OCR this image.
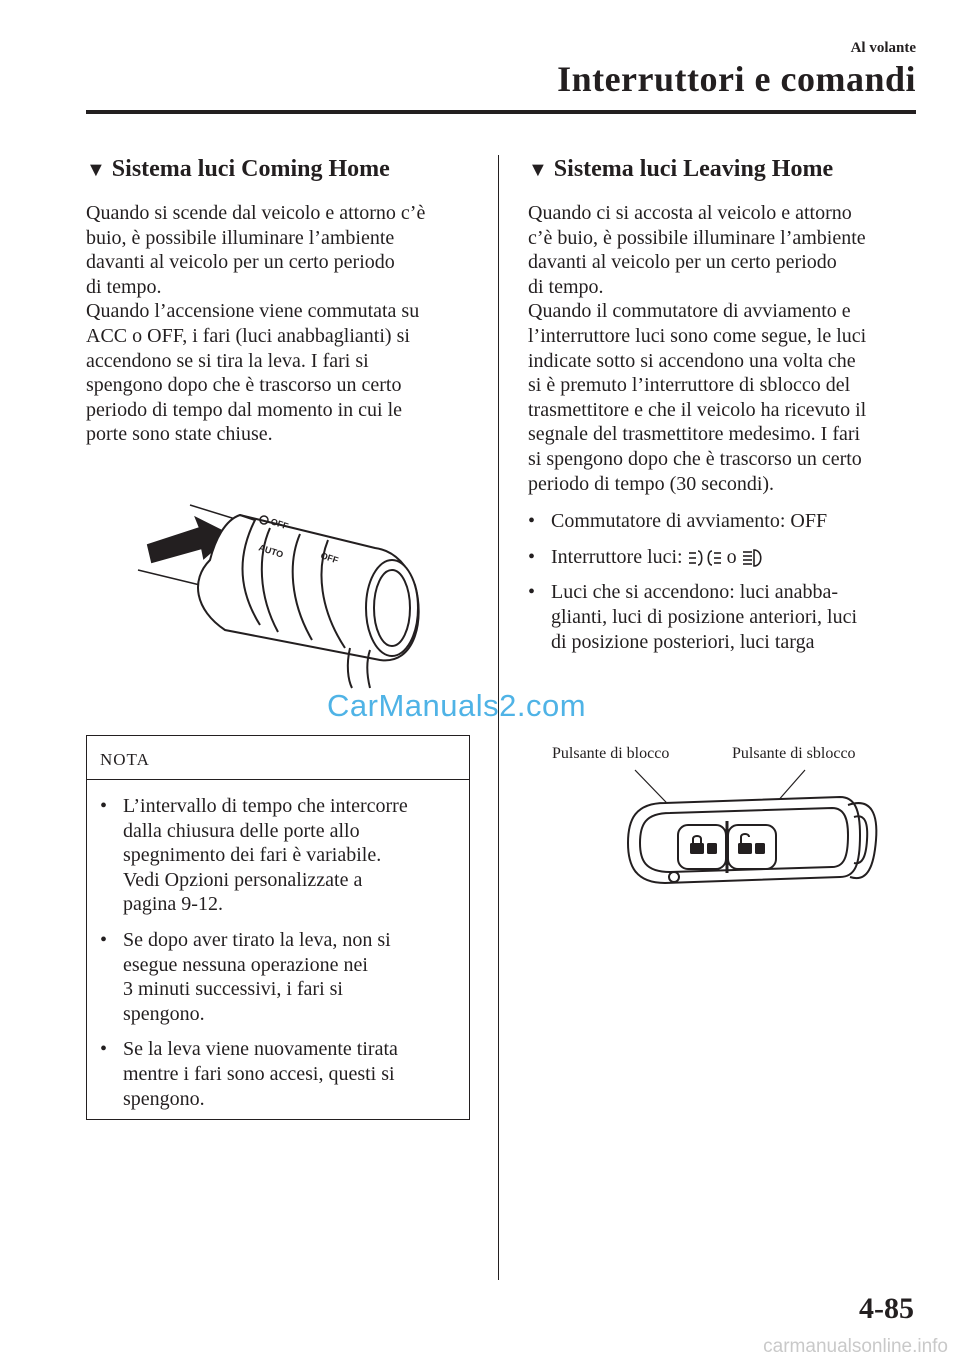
Al volante
Interruttori e comandi
▼ Sistema luci Coming Home

Quando si scende dal veicolo e attorno c’è

buio, è possibile illuminare l’ambiente

davanti al veicolo per un certo periodo

di tempo.

Quando l’accensione viene commutata su

ACC o OFF, i fari (luci anabbaglianti) si

accendono se si tira la leva. I fari si

spengono dopo che è trascorso un certo

periodo di tempo dal momento in cui le

porte sono state chiuse.

OFF
AUTO	OFF
CarManuals2.com
NOTA
• L’intervallo di tempo che intercorre
dalla chiusura delle porte allo
spegnimento dei fari è variabile.
Vedi Opzioni personalizzate a
pagina 9-12.
• Se dopo aver tirato la leva, non si
esegue nessuna operazione nei
3 minuti successivi, i fari si
spengono.
• Se la leva viene nuovamente tirata
mentre i fari sono accesi, questi si
spengono.
▼ Sistema luci Leaving Home

Quando ci si accosta al veicolo e attorno

c’è buio, è possibile illuminare l’ambiente

davanti al veicolo per un certo periodo

di tempo.

Quando il commutatore di avviamento e

l’interruttore luci sono come segue, le luci

indicate sotto si accendono una volta che

si è premuto l’interruttore di sblocco del

trasmettitore e che il veicolo ha ricevuto il

segnale del trasmettitore medesimo. I fari

si spengono dopo che è trascorso un certo

periodo di tempo (30 secondi).

• Commutatore di avviamento: OFF
• Interruttore luci: o
• Luci che si accendono: luci anabba-
glianti, luci di posizione anteriori, luci
di posizione posteriori, luci targa
Pulsante di blocco	Pulsante di sblocco
4-85
carmanualsonline.info
